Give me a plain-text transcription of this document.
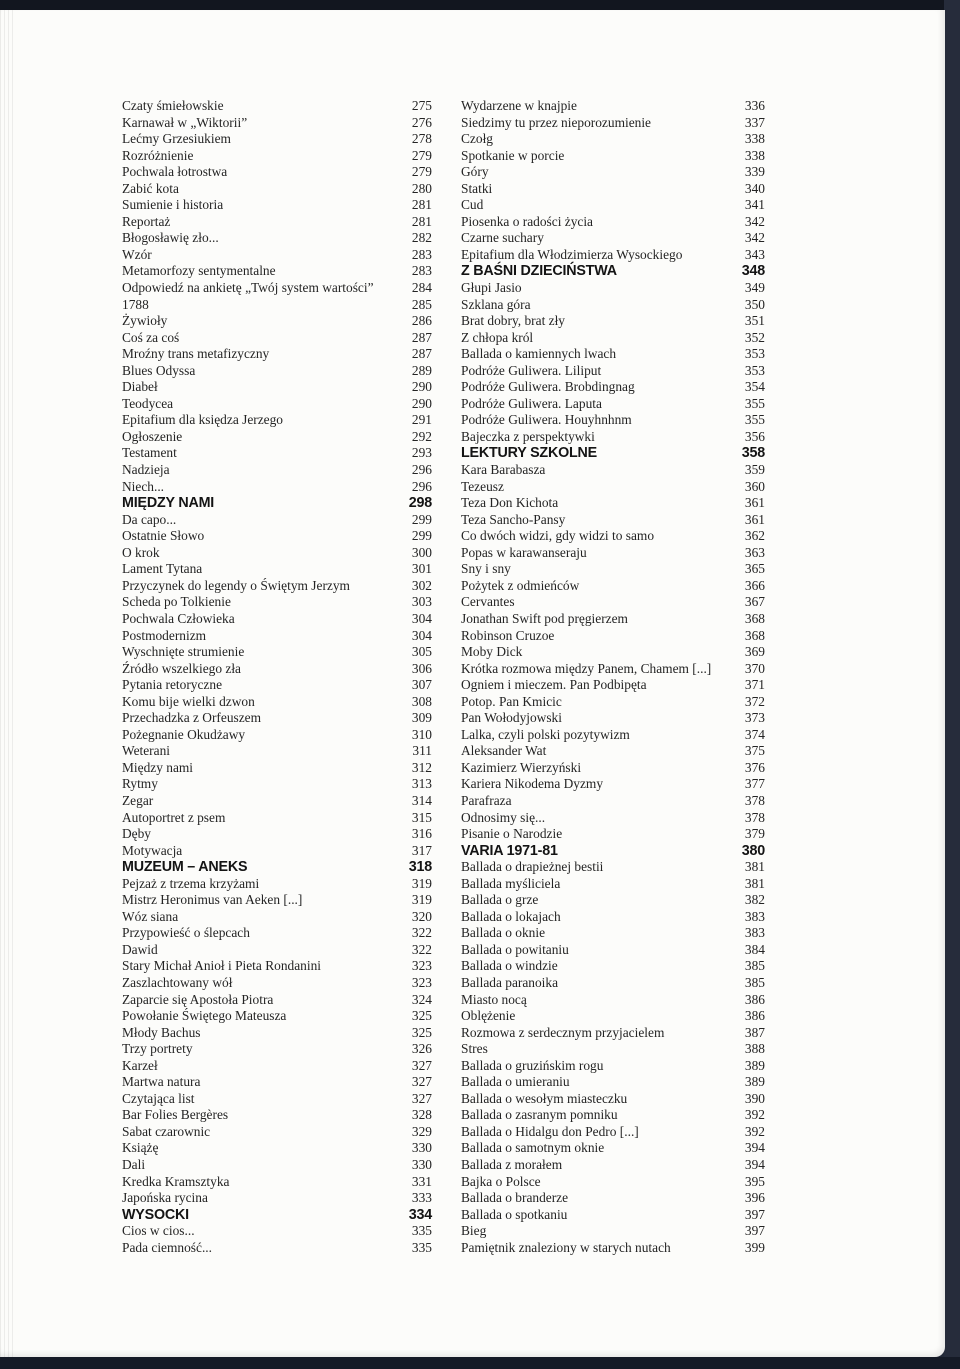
Czaty śmiełowskie	275
Karnawał w „Wiktorii”	276
Lećmy Grzesiukiem	278
Rozróżnienie	279
Pochwala łotrostwa	279
Zabić kota	280
Sumienie i historia	281
Reportaż	281
Błogosławię zło...	282
Wzór	283
Metamorfozy sentymentalne	283
Odpowiedź na ankietę „Twój system wartości”	284
1788	285
Żywioły	286
Coś za coś	287
Mroźny trans metafizyczny	287
Blues Odyssa	289
Diabeł	290
Teodycea	290
Epitafium dla księdza Jerzego	291
Ogłoszenie	292
Testament	293
Nadzieja	296
Niech...	296
MIĘDZY NAMI	298
Da capo...	299
Ostatnie Słowo	299
O krok	300
Lament Tytana	301
Przyczynek do legendy o Świętym Jerzym	302
Scheda po Tolkienie	303
Pochwala Człowieka	304
Postmodernizm	304
Wyschnięte strumienie	305
Źródło wszelkiego zła	306
Pytania retoryczne	307
Komu bije wielki dzwon	308
Przechadzka z Orfeuszem	309
Pożegnanie Okudżawy	310
Weterani	311
Między nami	312
Rytmy	313
Zegar	314
Autoportret z psem	315
Dęby	316
Motywacja	317
MUZEUM – ANEKS	318
Pejzaż z trzema krzyżami	319
Mistrz Heronimus van Aeken [...]	319
Wóz siana	320
Przypowieść o ślepcach	322
Dawid	322
Stary Michał Anioł i Pieta Rondanini	323
Zaszlachtowany wół	323
Zaparcie się Apostoła Piotra	324
Powołanie Świętego Mateusza	325
Młody Bachus	325
Trzy portrety	326
Karzeł	327
Martwa natura	327
Czytająca list	327
Bar Folies Bergères	328
Sabat czarownic	329
Książę	330
Dali	330
Kredka Kramsztyka	331
Japońska rycina	333
WYSOCKI	334
Cios w cios...	335
Pada ciemność...	335
Wydarzene w knajpie	336
Siedzimy tu przez nieporozumienie	337
Czołg	338
Spotkanie w porcie	338
Góry	339
Statki	340
Cud	341
Piosenka o radości życia	342
Czarne suchary	342
Epitafium dla Włodzimierza Wysockiego	343
Z BAŚNI DZIECIŃSTWA	348
Głupi Jasio	349
Szklana góra	350
Brat dobry, brat zły	351
Z chłopa król	352
Ballada o kamiennych lwach	353
Podróże Guliwera. Liliput	353
Podróże Guliwera. Brobdingnag	354
Podróże Guliwera. Laputa	355
Podróże Guliwera. Houyhnhnm	355
Bajeczka z perspektywki	356
LEKTURY SZKOLNE	358
Kara Barabasza	359
Tezeusz	360
Teza Don Kichota	361
Teza Sancho-Pansy	361
Co dwóch widzi, gdy widzi to samo	362
Popas w karawanseraju	363
Sny i sny	365
Pożytek z odmieńców	366
Cervantes	367
Jonathan Swift pod pręgierzem	368
Robinson Cruzoe	368
Moby Dick	369
Krótka rozmowa między Panem, Chamem [...]	370
Ogniem i mieczem. Pan Podbipęta	371
Potop. Pan Kmicic	372
Pan Wołodyjowski	373
Lalka, czyli polski pozytywizm	374
Aleksander Wat	375
Kazimierz Wierzyński	376
Kariera Nikodema Dyzmy	377
Parafraza	378
Odnosimy się...	378
Pisanie o Narodzie	379
VARIA 1971-81	380
Ballada o drapieżnej bestii	381
Ballada myśliciela	381
Ballada o grze	382
Ballada o lokajach	383
Ballada o oknie	383
Ballada o powitaniu	384
Ballada o windzie	385
Ballada paranoika	385
Miasto nocą	386
Oblężenie	386
Rozmowa z serdecznym przyjacielem	387
Stres	388
Ballada o gruzińskim rogu	389
Ballada o umieraniu	389
Ballada o wesołym miasteczku	390
Ballada o zasranym pomniku	392
Ballada o Hidalgu don Pedro [...]	392
Ballada o samotnym oknie	394
Ballada z morałem	394
Bajka o Polsce	395
Ballada o branderze	396
Ballada o spotkaniu	397
Bieg	397
Pamiętnik znaleziony w starych nutach	399
